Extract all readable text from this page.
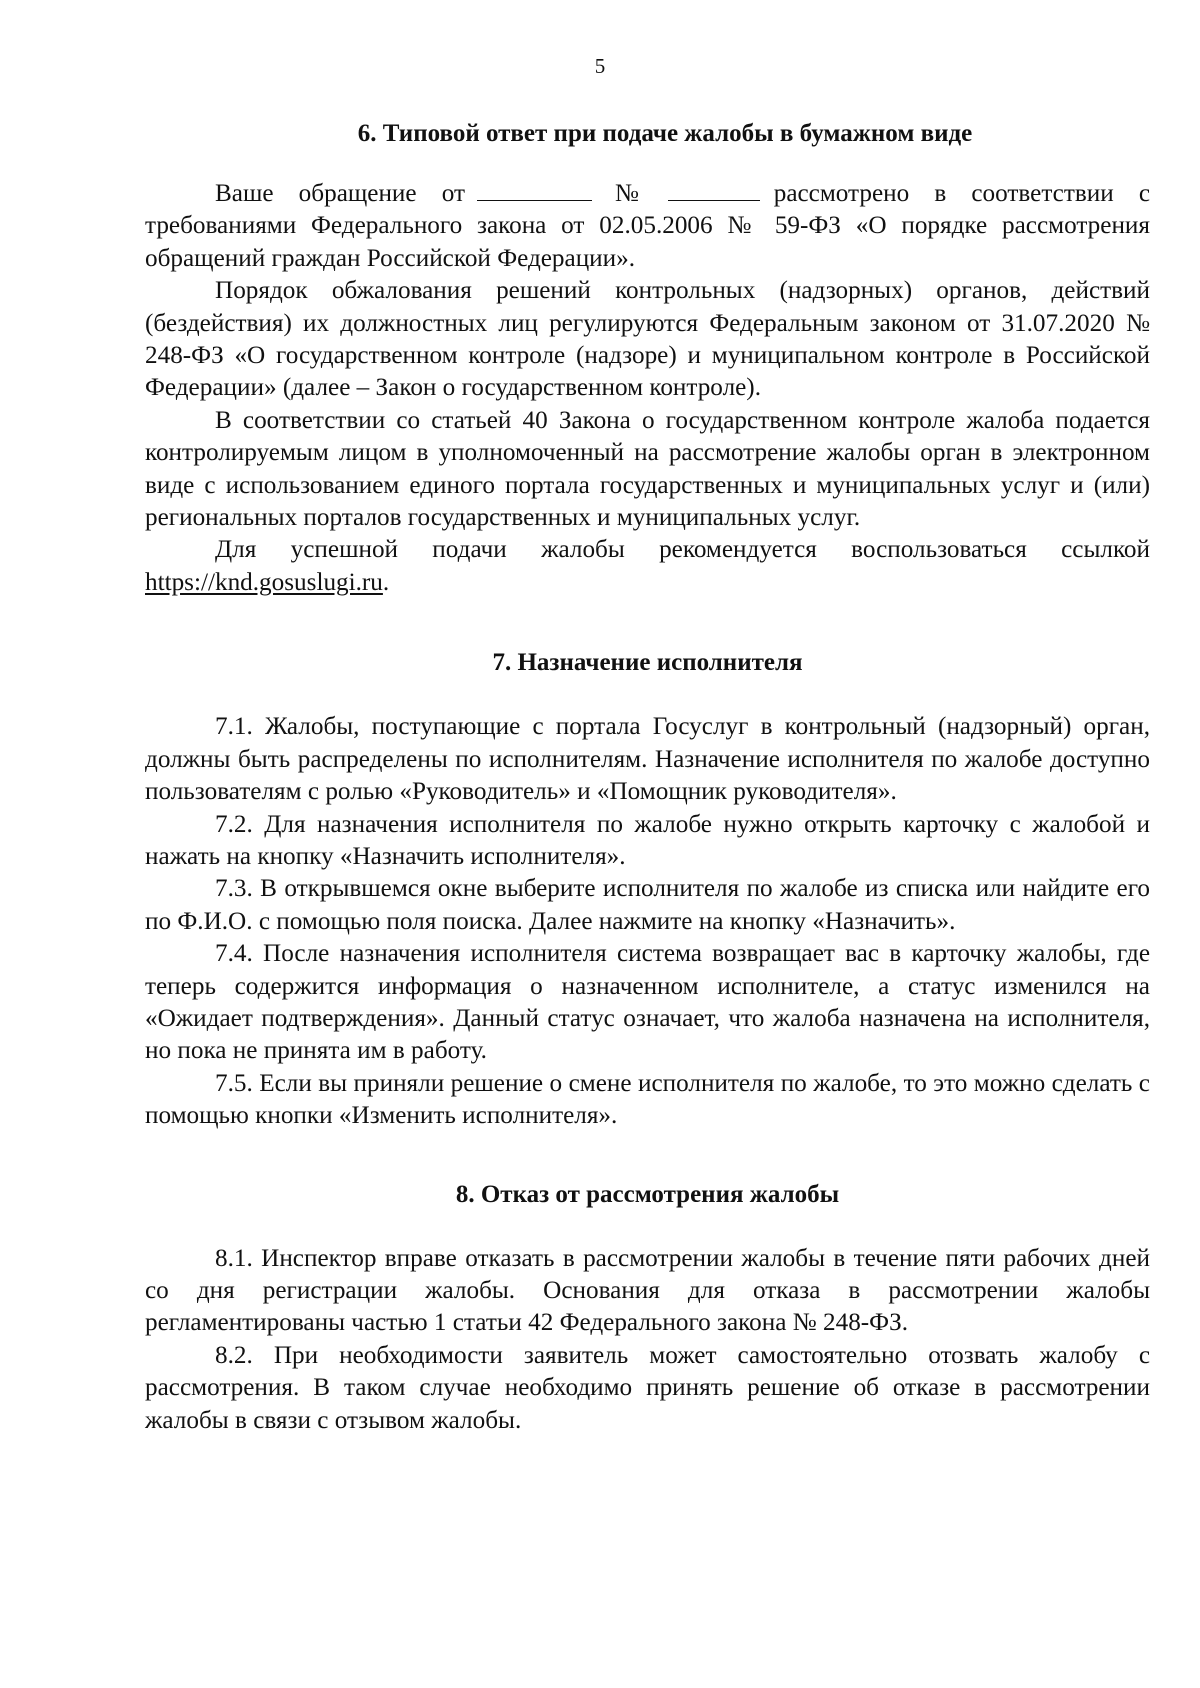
5
6. Типовой ответ при подаче жалобы в бумажном виде

Ваше обращение от	№	рассмотрено в соответствии с требованиями Федерального закона от 02.05.2006 № 59-ФЗ «О порядке рассмотрения обращений граждан Российской Федерации».

Порядок обжалования решений контрольных (надзорных) органов, действий (бездействия) их должностных лиц регулируются Федеральным законом от 31.07.2020 № 248-ФЗ «О государственном контроле (надзоре) и муниципальном контроле в Российской Федерации» (далее – Закон о государственном контроле).

В соответствии со статьей 40 Закона о государственном контроле жалоба подается контролируемым лицом в уполномоченный на рассмотрение жалобы орган в электронном виде с использованием единого портала государственных и муниципальных услуг и (или) региональных порталов государственных и муниципальных услуг.

Для успешной подачи жалобы рекомендуется воспользоваться ссылкой https://knd.gosuslugi.ru.

7. Назначение исполнителя

7.1. Жалобы, поступающие с портала Госуслуг в контрольный (надзорный) орган, должны быть распределены по исполнителям. Назначение исполнителя по жалобе доступно пользователям с ролью «Руководитель» и «Помощник руководителя».

7.2. Для назначения исполнителя по жалобе нужно открыть карточку с жалобой и нажать на кнопку «Назначить исполнителя».

7.3. В открывшемся окне выберите исполнителя по жалобе из списка или найдите его по Ф.И.О. с помощью поля поиска. Далее нажмите на кнопку «Назначить».

7.4. После назначения исполнителя система возвращает вас в карточку жалобы, где теперь содержится информация о назначенном исполнителе, а статус изменился на «Ожидает подтверждения». Данный статус означает, что жалоба назначена на исполнителя, но пока не принята им в работу.

7.5. Если вы приняли решение о смене исполнителя по жалобе, то это можно сделать с помощью кнопки «Изменить исполнителя».

8. Отказ от рассмотрения жалобы

8.1. Инспектор вправе отказать в рассмотрении жалобы в течение пяти рабочих дней со дня регистрации жалобы. Основания для отказа в рассмотрении жалобы регламентированы частью 1 статьи 42 Федерального закона № 248-ФЗ.

8.2. При необходимости заявитель может самостоятельно отозвать жалобу с рассмотрения. В таком случае необходимо принять решение об отказе в рассмотрении жалобы в связи с отзывом жалобы.
